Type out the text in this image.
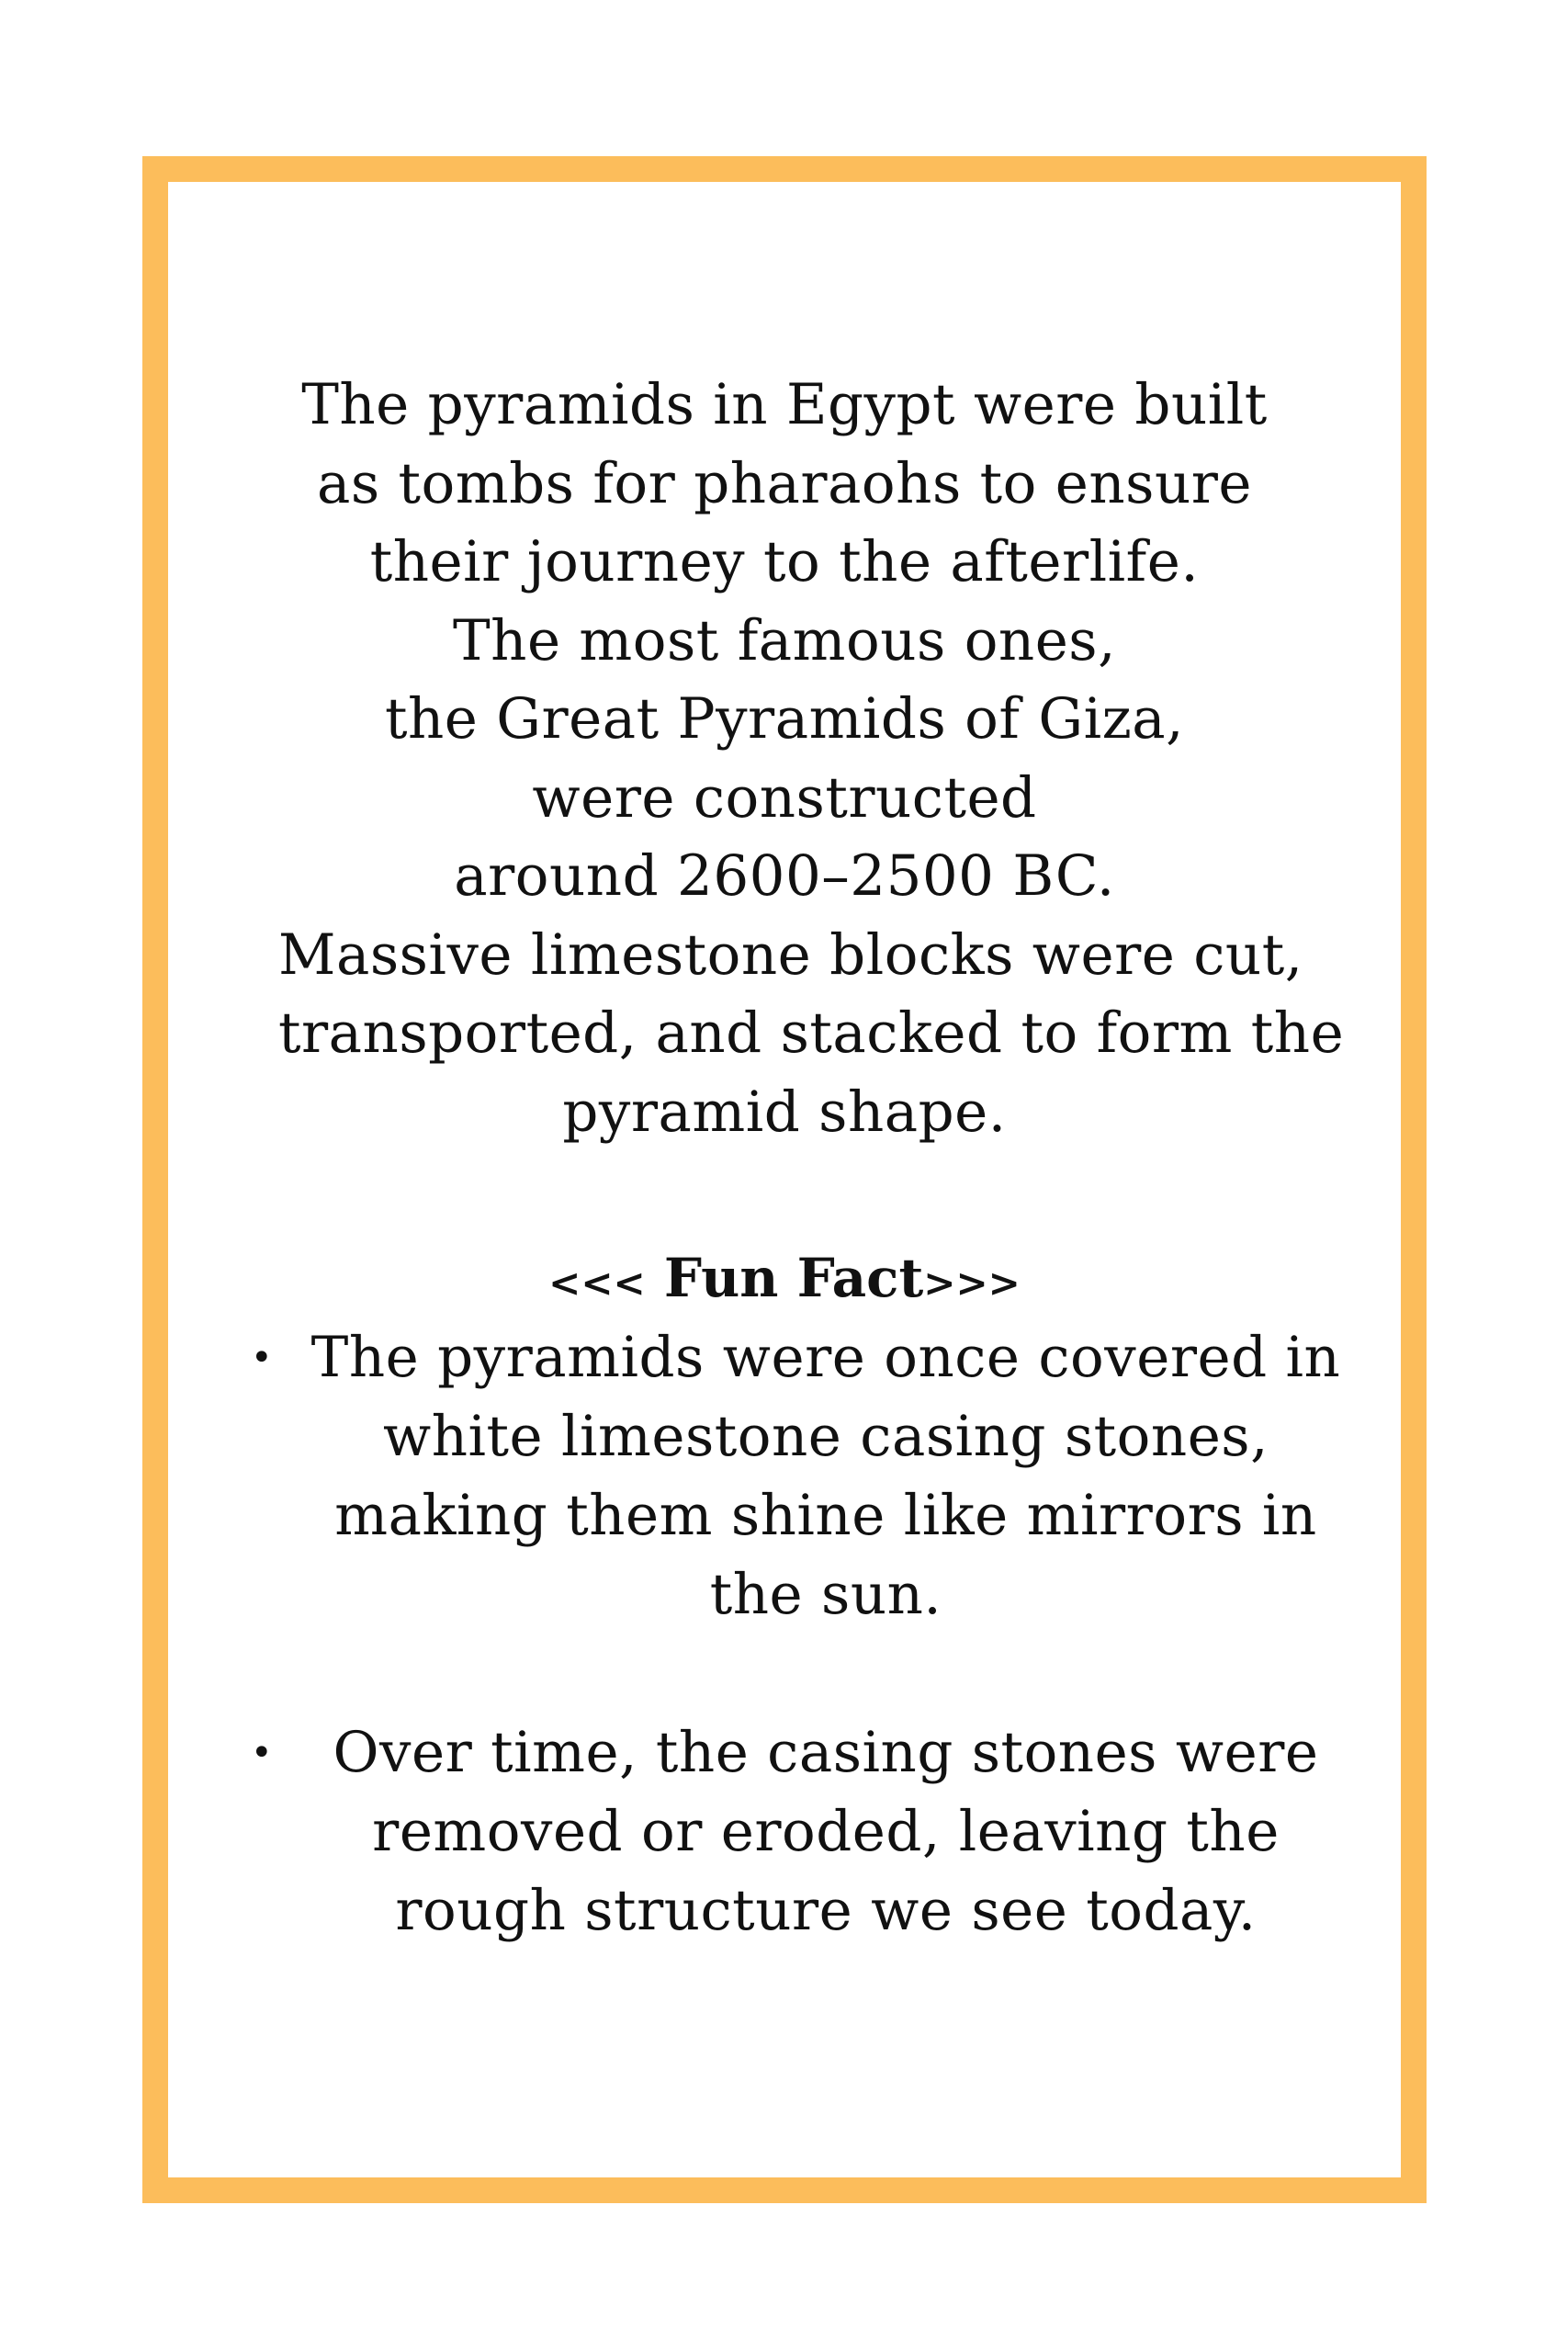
The pyramids in Egypt were built
as tombs for pharaohs to ensure
their journey to the afterlife.
The most famous ones,
the Great Pyramids of Giza,
were constructed
around 2600–2500 BC.
Massive limestone blocks were cut,
transported, and stacked to form the
pyramid shape.
<<< Fun Fact>>>
• The pyramids were once covered in
white limestone casing stones,
making them shine like mirrors in
the sun.
•	Over time, the casing stones were
removed or eroded, leaving the
rough structure we see today.
